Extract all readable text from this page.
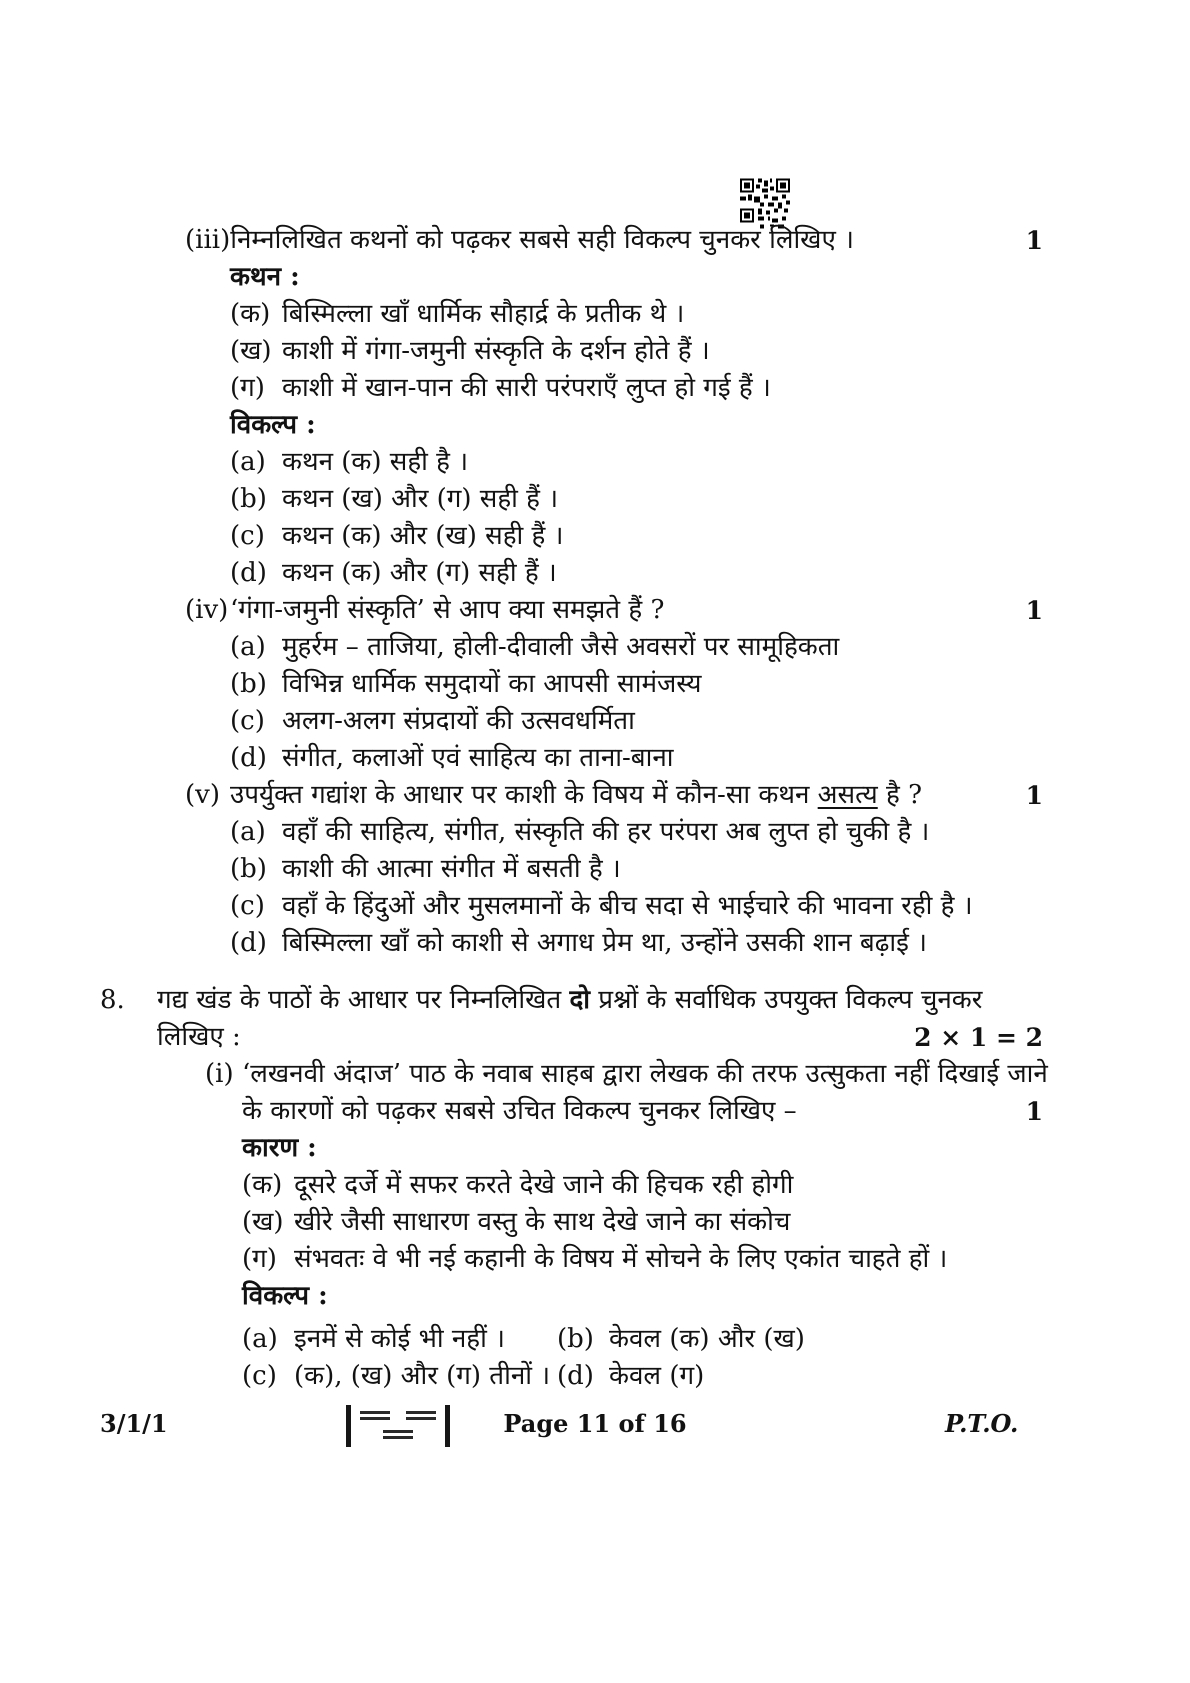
(iii) निम्नलिखित कथनों को पढ़कर सबसे सही विकल्प चुनकर लिखिए ।	1
कथन :
(क) बिस्मिल्ला खाँ धार्मिक सौहार्द्र के प्रतीक थे ।
(ख) काशी में गंगा-जमुनी संस्कृति के दर्शन होते हैं ।
(ग) काशी में खान-पान की सारी परंपराएँ लुप्त हो गई हैं ।
विकल्प :
(a) कथन (क) सही है ।
(b) कथन (ख) और (ग) सही हैं ।
(c) कथन (क) और (ख) सही हैं ।
(d) कथन (क) और (ग) सही हैं ।
(iv) ‘गंगा-जमुनी संस्कृति’ से आप क्या समझते हैं ?	1
(a) मुहर्रम – ताजिया, होली-दीवाली जैसे अवसरों पर सामूहिकता
(b) विभिन्न धार्मिक समुदायों का आपसी सामंजस्य
(c) अलग-अलग संप्रदायों की उत्सवधर्मिता
(d) संगीत, कलाओं एवं साहित्य का ताना-बाना
(v) उपर्युक्त गद्यांश के आधार पर काशी के विषय में कौन-सा कथन असत्य है ?	1
(a) वहाँ की साहित्य, संगीत, संस्कृति की हर परंपरा अब लुप्त हो चुकी है ।
(b) काशी की आत्मा संगीत में बसती है ।
(c) वहाँ के हिंदुओं और मुसलमानों के बीच सदा से भाईचारे की भावना रही है ।
(d) बिस्मिल्ला खाँ को काशी से अगाध प्रेम था, उन्होंने उसकी शान बढ़ाई ।
8. गद्य खंड के पाठों के आधार पर निम्नलिखित दो प्रश्नों के सर्वाधिक उपयुक्त विकल्प चुनकर
लिखिए :	2 × 1 = 2
(i) ‘लखनवी अंदाज’ पाठ के नवाब साहब द्वारा लेखक की तरफ उत्सुकता नहीं दिखाई जाने
के कारणों को पढ़कर सबसे उचित विकल्प चुनकर लिखिए –	1
कारण :
(क) दूसरे दर्जे में सफर करते देखे जाने की हिचक रही होगी
(ख) खीरे जैसी साधारण वस्तु के साथ देखे जाने का संकोच
(ग) संभवतः वे भी नई कहानी के विषय में सोचने के लिए एकांत चाहते हों ।
विकल्प :
(a) इनमें से कोई भी नहीं । (b) केवल (क) और (ख)
(c) (क), (ख) और (ग) तीनों । (d) केवल (ग)
3/1/1	Page 11 of 16	P.T.O.
